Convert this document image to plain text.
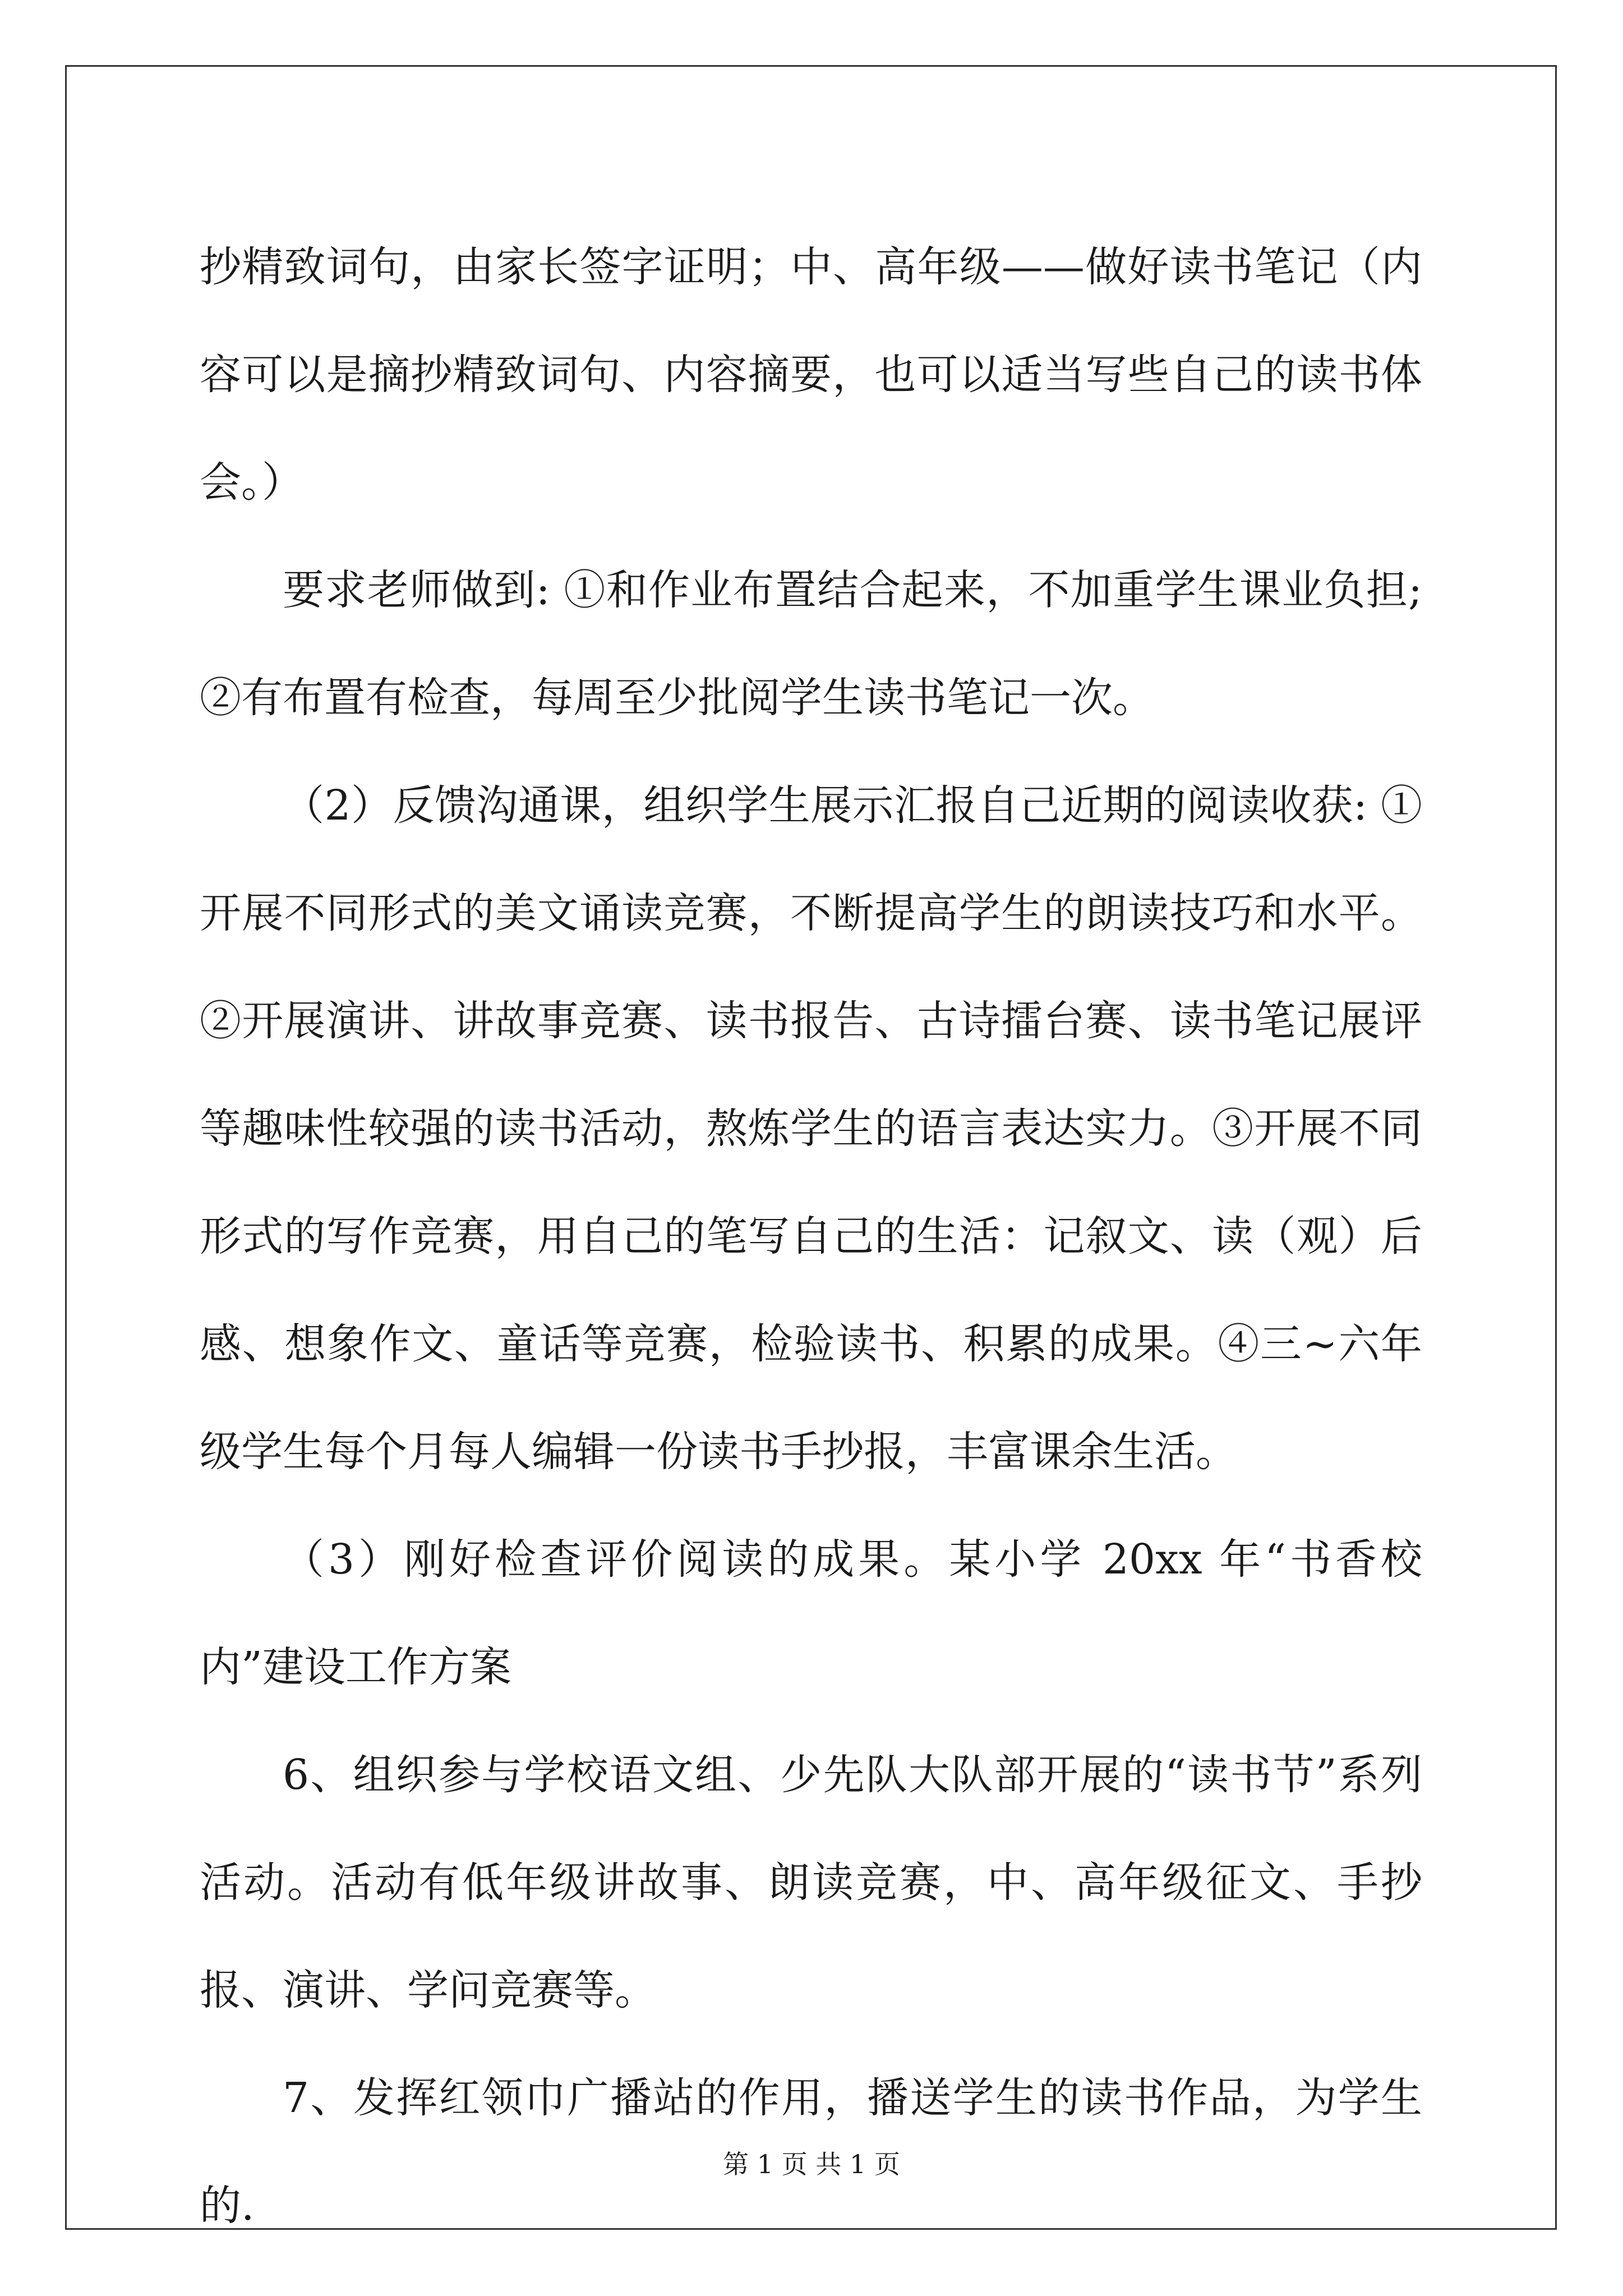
抄精致词句，由家长签字证明；中、高年级——做好读书笔记（内容可以是摘抄精致词句、内容摘要，也可以适当写些自己的读书体会。）

要求老师做到: ①和作业布置结合起来，不加重学生课业负担; ②有布置有检查，每周至少批阅学生读书笔记一次。

（2）反馈沟通课，组织学生展示汇报自己近期的阅读收获: ①开展不同形式的美文诵读竞赛，不断提高学生的朗读技巧和水平。②开展演讲、讲故事竞赛、读书报告、古诗擂台赛、读书笔记展评等趣味性较强的读书活动，熬炼学生的语言表达实力。③开展不同形式的写作竞赛，用自己的笔写自己的生活：记叙文、读（观）后感、想象作文、童话等竞赛，检验读书、积累的成果。④三~六年级学生每个月每人编辑一份读书手抄报，丰富课余生活。

（3）刚好检查评价阅读的成果。某小学 20xx 年“书香校内”建设工作方案

6、组织参与学校语文组、少先队大队部开展的“读书节”系列活动。活动有低年级讲故事、朗读竞赛，中、高年级征文、手抄报、演讲、学问竞赛等。

7、发挥红领巾广播站的作用，播送学生的读书作品，为学生的.

第 1 页 共 1 页
